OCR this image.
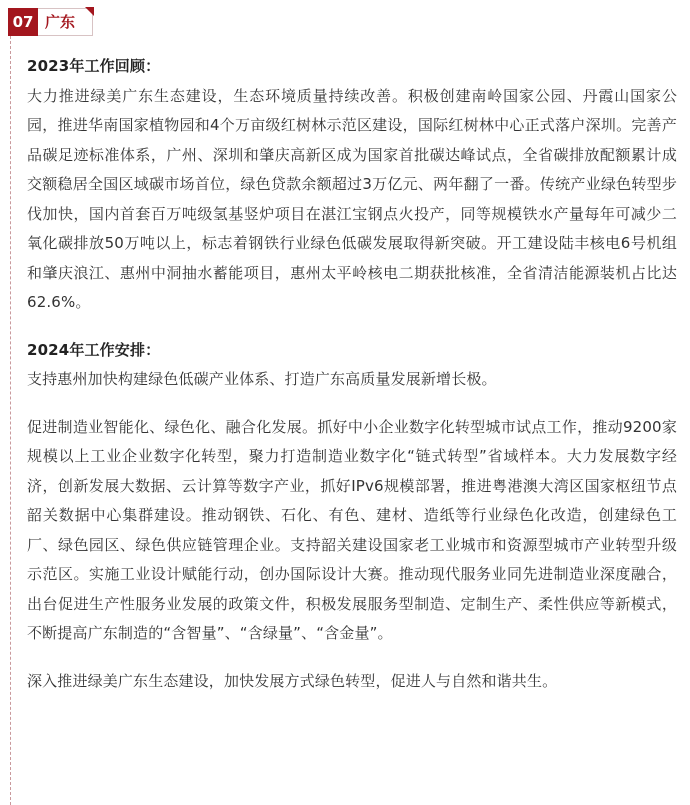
07 广东

2023年工作回顾：

大力推进绿美广东生态建设，生态环境质量持续改善。积极创建南岭国家公园、丹霞山国家公园，推进华南国家植物园和4个万亩级红树林示范区建设，国际红树林中心正式落户深圳。完善产品碳足迹标准体系，广州、深圳和肇庆高新区成为国家首批碳达峰试点，全省碳排放配额累计成交额稳居全国区域碳市场首位，绿色贷款余额超过3万亿元、两年翻了一番。传统产业绿色转型步伐加快，国内首套百万吨级氢基竖炉项目在湛江宝钢点火投产，同等规模铁水产量每年可减少二氧化碳排放50万吨以上，标志着钢铁行业绿色低碳发展取得新突破。开工建设陆丰核电6号机组和肇庆浪江、惠州中洞抽水蓄能项目，惠州太平岭核电二期获批核准，全省清洁能源装机占比达62.6%。

2024年工作安排：

支持惠州加快构建绿色低碳产业体系、打造广东高质量发展新增长极。

促进制造业智能化、绿色化、融合化发展。抓好中小企业数字化转型城市试点工作，推动9200家规模以上工业企业数字化转型，聚力打造制造业数字化“链式转型”省域样本。大力发展数字经济，创新发展大数据、云计算等数字产业，抓好IPv6规模部署，推进粤港澳大湾区国家枢纽节点韶关数据中心集群建设。推动钢铁、石化、有色、建材、造纸等行业绿色化改造，创建绿色工厂、绿色园区、绿色供应链管理企业。支持韶关建设国家老工业城市和资源型城市产业转型升级示范区。实施工业设计赋能行动，创办国际设计大赛。推动现代服务业同先进制造业深度融合，出台促进生产性服务业发展的政策文件，积极发展服务型制造、定制生产、柔性供应等新模式，不断提高广东制造的“含智量”、“含绿量”、“含金量”。

深入推进绿美广东生态建设，加快发展方式绿色转型，促进人与自然和谐共生。
